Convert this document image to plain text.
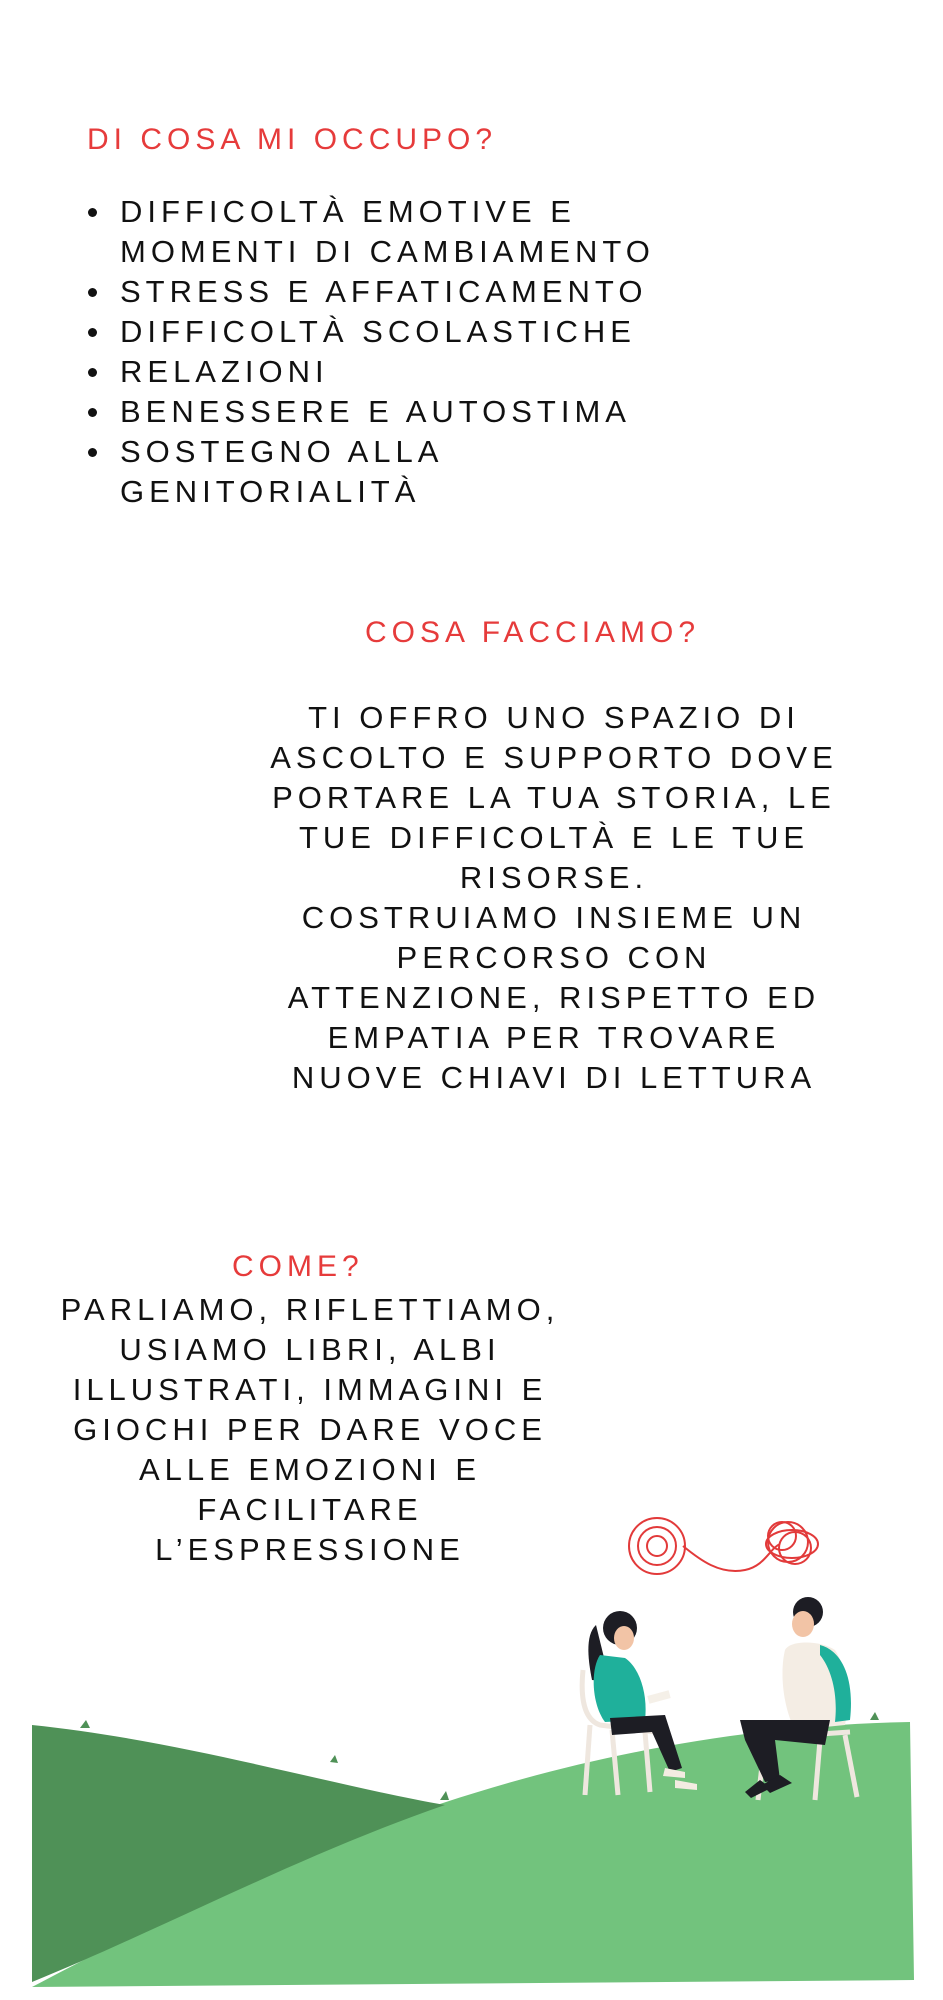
DI COSA MI OCCUPO?
DIFFICOLTÀ EMOTIVE E MOMENTI DI CAMBIAMENTO
STRESS E AFFATICAMENTO
DIFFICOLTÀ SCOLASTICHE
RELAZIONI
BENESSERE E AUTOSTIMA
SOSTEGNO ALLA GENITORIALITÀ
COSA FACCIAMO?

TI OFFRO UNO SPAZIO DI ASCOLTO E SUPPORTO DOVE PORTARE LA TUA STORIA, LE TUE DIFFICOLTÀ E LE TUE RISORSE.

COSTRUIAMO INSIEME UN PERCORSO CON ATTENZIONE, RISPETTO ED EMPATIA PER TROVARE NUOVE CHIAVI DI LETTURA

COME?

PARLIAMO, RIFLETTIAMO, USIAMO LIBRI, ALBI ILLUSTRATI, IMMAGINI E GIOCHI PER DARE VOCE ALLE EMOZIONI E FACILITARE L’ESPRESSIONE
